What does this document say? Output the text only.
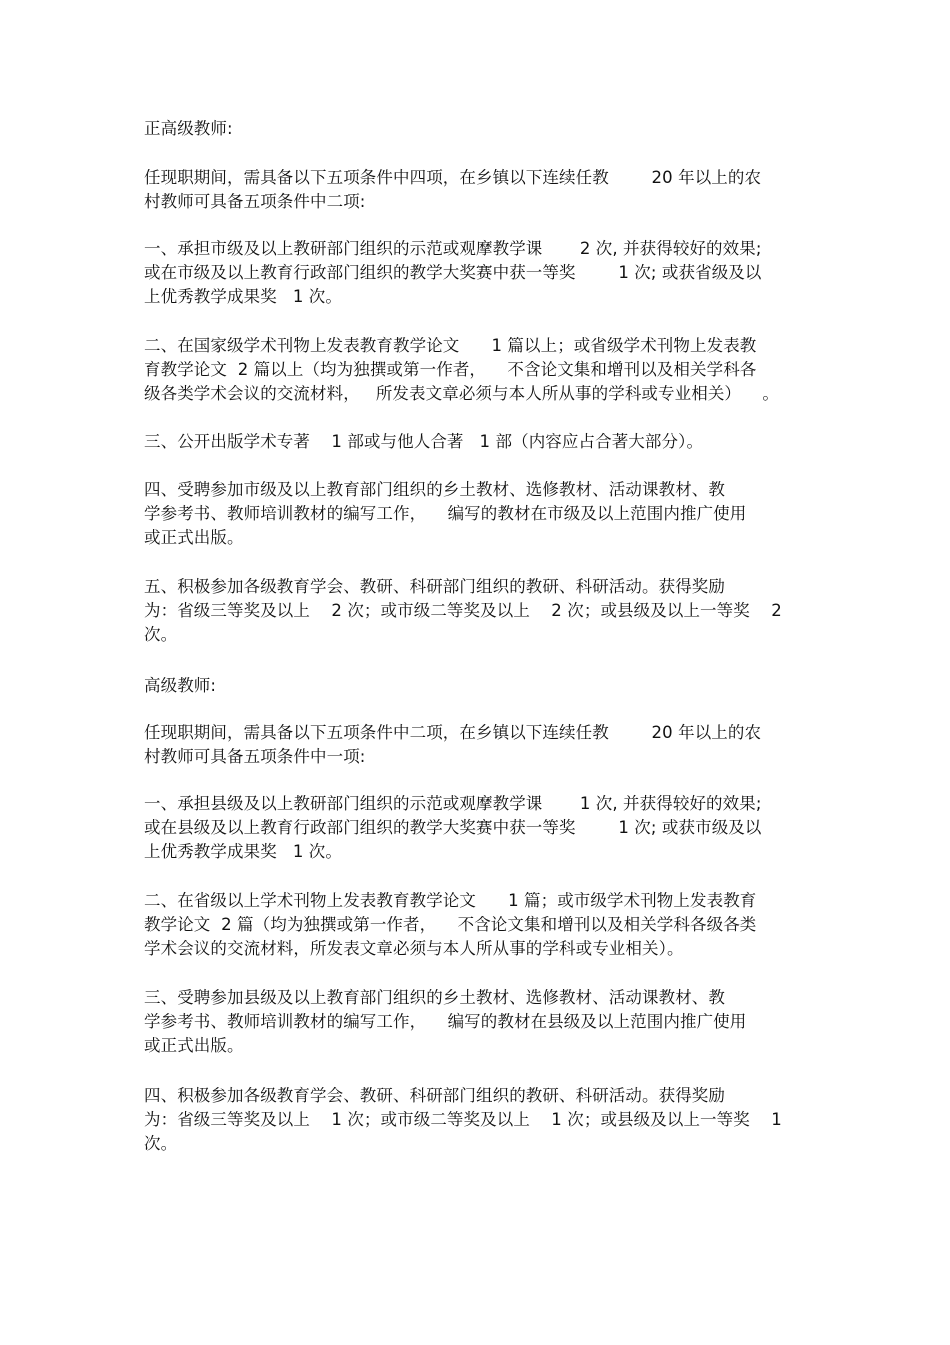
正高级教师:
任现职期间，需具备以下五项条件中四项，在乡镇以下连续任教        20 年以上的农
村教师可具备五项条件中二项:
一、承担市级及以上教研部门组织的示范或观摩教学课       2 次, 并获得较好的效果;
或在市级及以上教育行政部门组织的教学大奖赛中获一等奖        1 次; 或获省级及以
上优秀教学成果奖   1 次。
二、在国家级学术刊物上发表教育教学论文      1 篇以上；或省级学术刊物上发表教
育教学论文  2 篇以上（均为独撰或第一作者，    不含论文集和增刊以及相关学科各
级各类学术会议的交流材料，   所发表文章必须与本人所从事的学科或专业相关）    。
三、公开出版学术专著    1 部或与他人合著   1 部（内容应占合著大部分）。
四、受聘参加市级及以上教育部门组织的乡土教材、选修教材、活动课教材、教
学参考书、教师培训教材的编写工作，    编写的教材在市级及以上范围内推广使用
或正式出版。
五、积极参加各级教育学会、教研、科研部门组织的教研、科研活动。获得奖励
为：省级三等奖及以上    2 次；或市级二等奖及以上    2 次；或县级及以上一等奖    2
次。
高级教师:
任现职期间，需具备以下五项条件中二项，在乡镇以下连续任教        20 年以上的农
村教师可具备五项条件中一项:
一、承担县级及以上教研部门组织的示范或观摩教学课       1 次, 并获得较好的效果;
或在县级及以上教育行政部门组织的教学大奖赛中获一等奖        1 次; 或获市级及以
上优秀教学成果奖   1 次。
二、在省级以上学术刊物上发表教育教学论文      1 篇；或市级学术刊物上发表教育
教学论文  2 篇（均为独撰或第一作者，    不含论文集和增刊以及相关学科各级各类
学术会议的交流材料，所发表文章必须与本人所从事的学科或专业相关）。
三、受聘参加县级及以上教育部门组织的乡土教材、选修教材、活动课教材、教
学参考书、教师培训教材的编写工作，    编写的教材在县级及以上范围内推广使用
或正式出版。
四、积极参加各级教育学会、教研、科研部门组织的教研、科研活动。获得奖励
为：省级三等奖及以上    1 次；或市级二等奖及以上    1 次；或县级及以上一等奖    1
次。
